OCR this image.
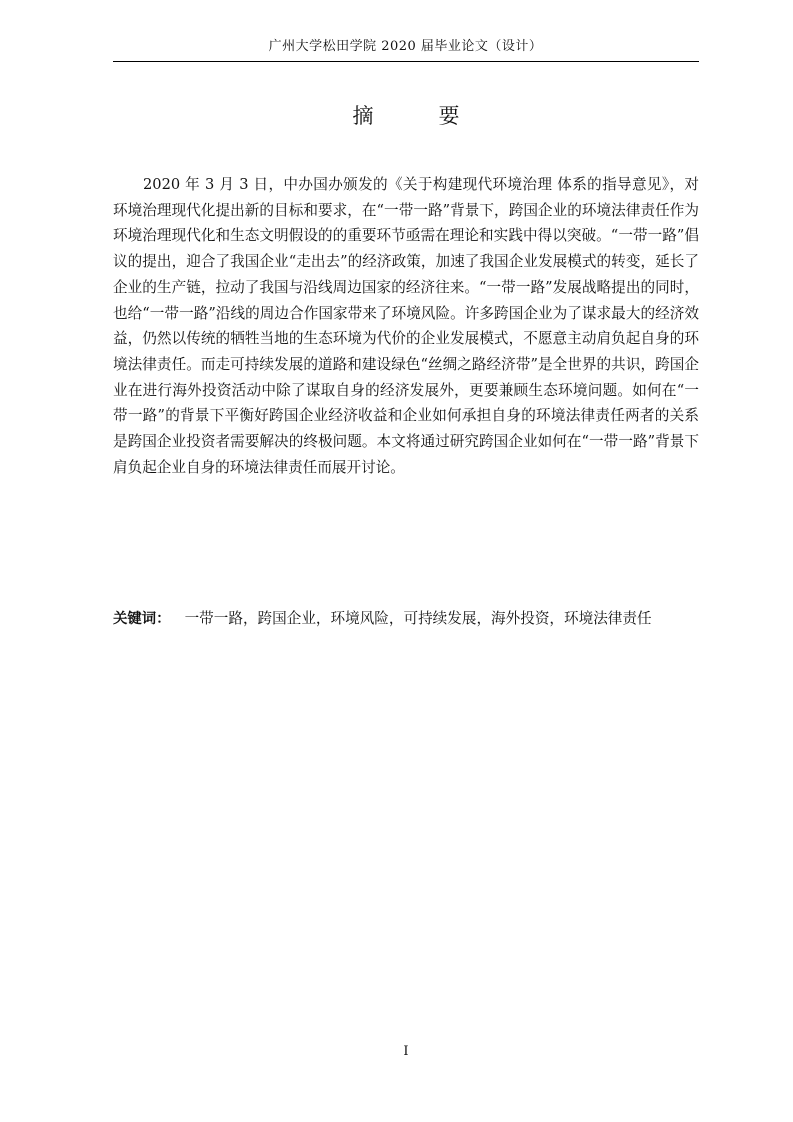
广州大学松田学院 2020 届毕业论文（设计）
摘　要

2020 年 3 月 3 日，中办国办颁发的《关于构建现代环境治理 体系的指导意见》，对环境治理现代化提出新的目标和要求，在“一带一路”背景下，跨国企业的环境法律责任作为环境治理现代化和生态文明假设的的重要环节亟需在理论和实践中得以突破。“一带一路”倡议的提出，迎合了我国企业“走出去”的经济政策，加速了我国企业发展模式的转变，延长了企业的生产链，拉动了我国与沿线周边国家的经济往来。“一带一路”发展战略提出的同时，也给“一带一路”沿线的周边合作国家带来了环境风险。许多跨国企业为了谋求最大的经济效益，仍然以传统的牺牲当地的生态环境为代价的企业发展模式，不愿意主动肩负起自身的环境法律责任。而走可持续发展的道路和建设绿色“丝绸之路经济带”是全世界的共识，跨国企业在进行海外投资活动中除了谋取自身的经济发展外，更要兼顾生态环境问题。如何在“一带一路”的背景下平衡好跨国企业经济收益和企业如何承担自身的环境法律责任两者的关系是跨国企业投资者需要解决的终极问题。本文将通过研究跨国企业如何在“一带一路”背景下肩负起企业自身的环境法律责任而展开讨论。

关键词： 一带一路，跨国企业，环境风险，可持续发展，海外投资，环境法律责任

I
